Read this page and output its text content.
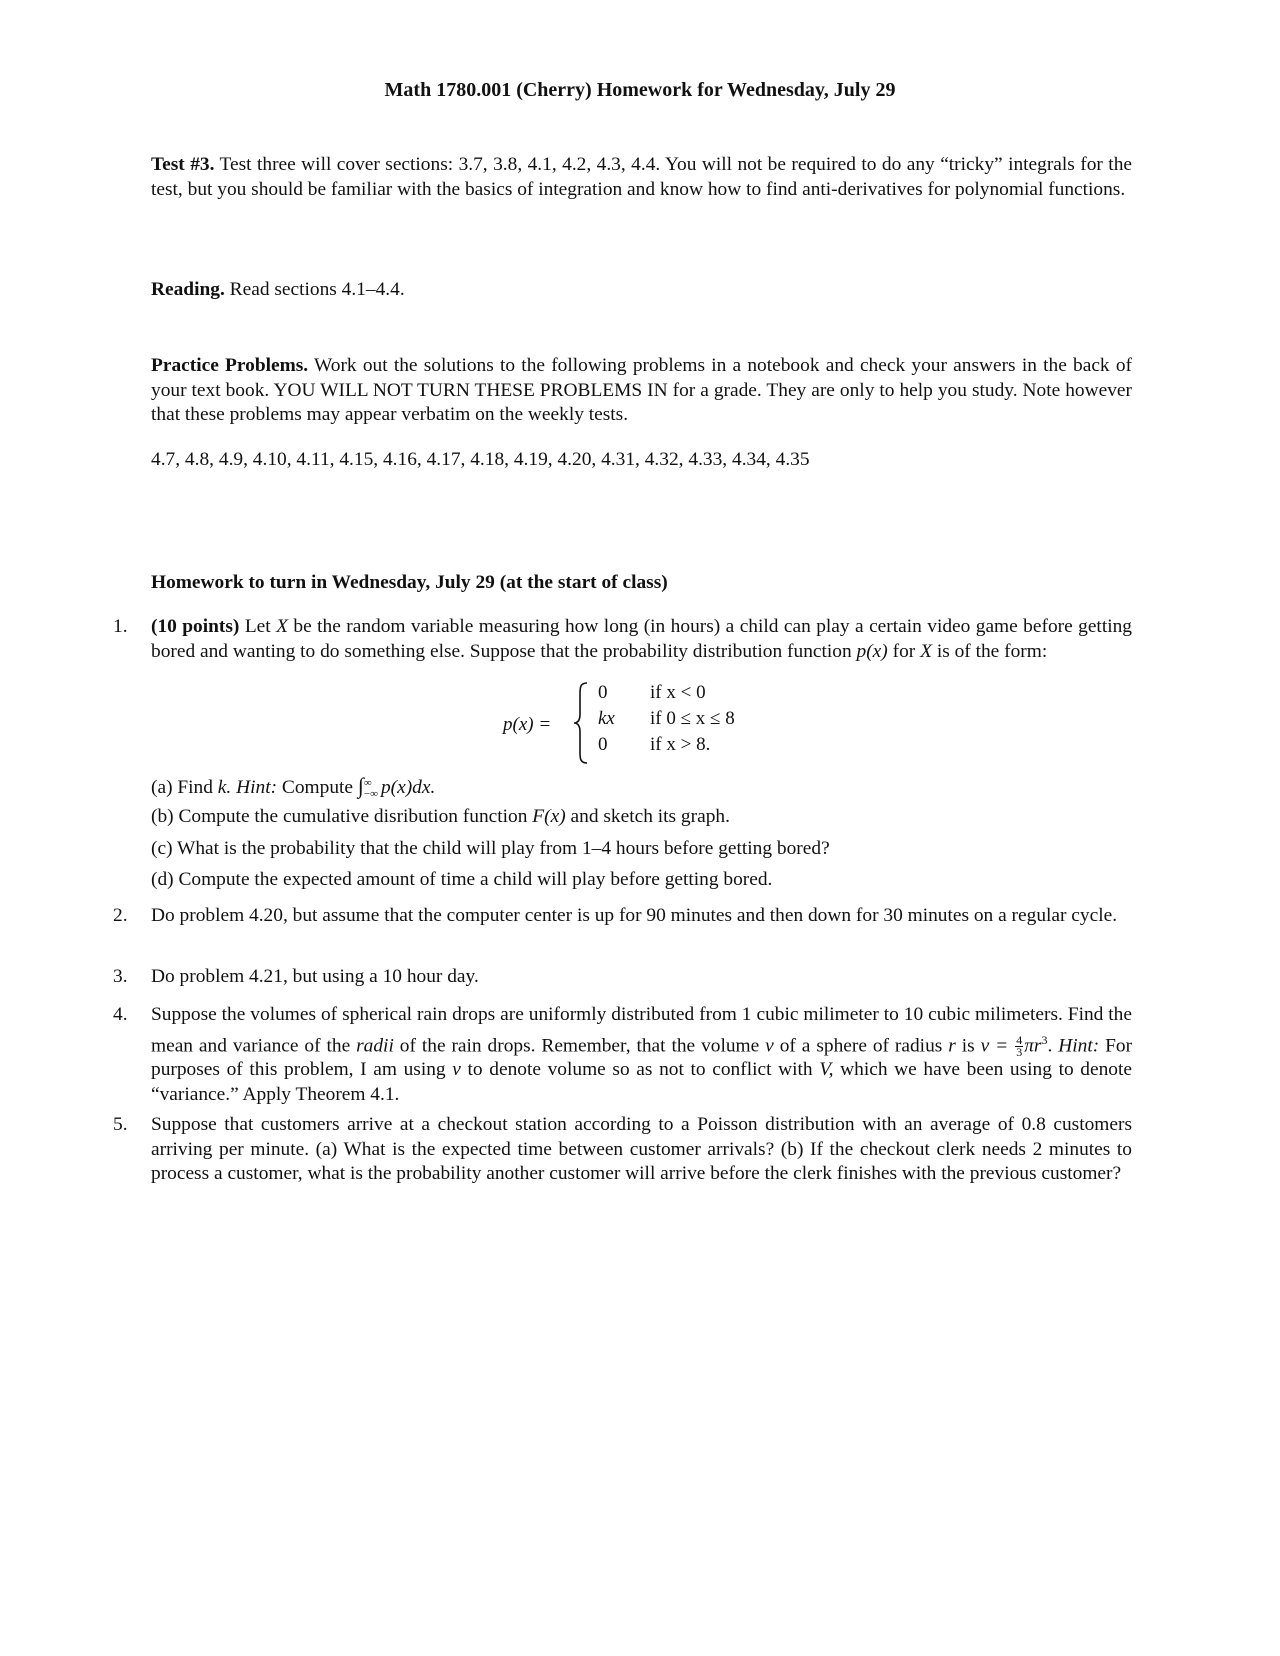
Math 1780.001 (Cherry) Homework for Wednesday, July 29
Test #3. Test three will cover sections: 3.7, 3.8, 4.1, 4.2, 4.3, 4.4. You will not be required to do any “tricky” integrals for the test, but you should be familiar with the basics of integration and know how to find anti-derivatives for polynomial functions.
Reading. Read sections 4.1–4.4.
Practice Problems. Work out the solutions to the following problems in a notebook and check your answers in the back of your text book. YOU WILL NOT TURN THESE PROBLEMS IN for a grade. They are only to help you study. Note however that these problems may appear verbatim on the weekly tests.
4.7, 4.8, 4.9, 4.10, 4.11, 4.15, 4.16, 4.17, 4.18, 4.19, 4.20, 4.31, 4.32, 4.33, 4.34, 4.35
Homework to turn in Wednesday, July 29 (at the start of class)
1. (10 points) Let X be the random variable measuring how long (in hours) a child can play a certain video game before getting bored and wanting to do something else. Suppose that the probability distribution function p(x) for X is of the form:
p(x) =
0 if x < 0
kx if 0 ≤ x ≤ 8
0 if x > 8.
(a) Find k. Hint: Compute ∫ ∞
−∞ p(x)dx.
(b) Compute the cumulative disribution function F(x) and sketch its graph.
(c) What is the probability that the child will play from 1–4 hours before getting bored?
(d) Compute the expected amount of time a child will play before getting bored.
2. Do problem 4.20, but assume that the computer center is up for 90 minutes and then down for 30 minutes on a regular cycle.
3. Do problem 4.21, but using a 10 hour day.
4. Suppose the volumes of spherical rain drops are uniformly distributed from 1 cubic milimeter to 10 cubic milimeters. Find the mean and variance of the radii of the rain drops. Remember, that the volume v of a sphere of radius r is $v = \frac{4}{3} \pi r^3$. Hint: For purposes of this problem, I am using v to denote volume so as not to conflict with V, which we have been using to denote “variance.” Apply Theorem 4.1.
5. Suppose that customers arrive at a checkout station according to a Poisson distribution with an average of 0.8 customers arriving per minute. (a) What is the expected time between customer arrivals? (b) If the checkout clerk needs 2 minutes to process a customer, what is the probability another customer will arrive before the clerk finishes with the previous customer?
